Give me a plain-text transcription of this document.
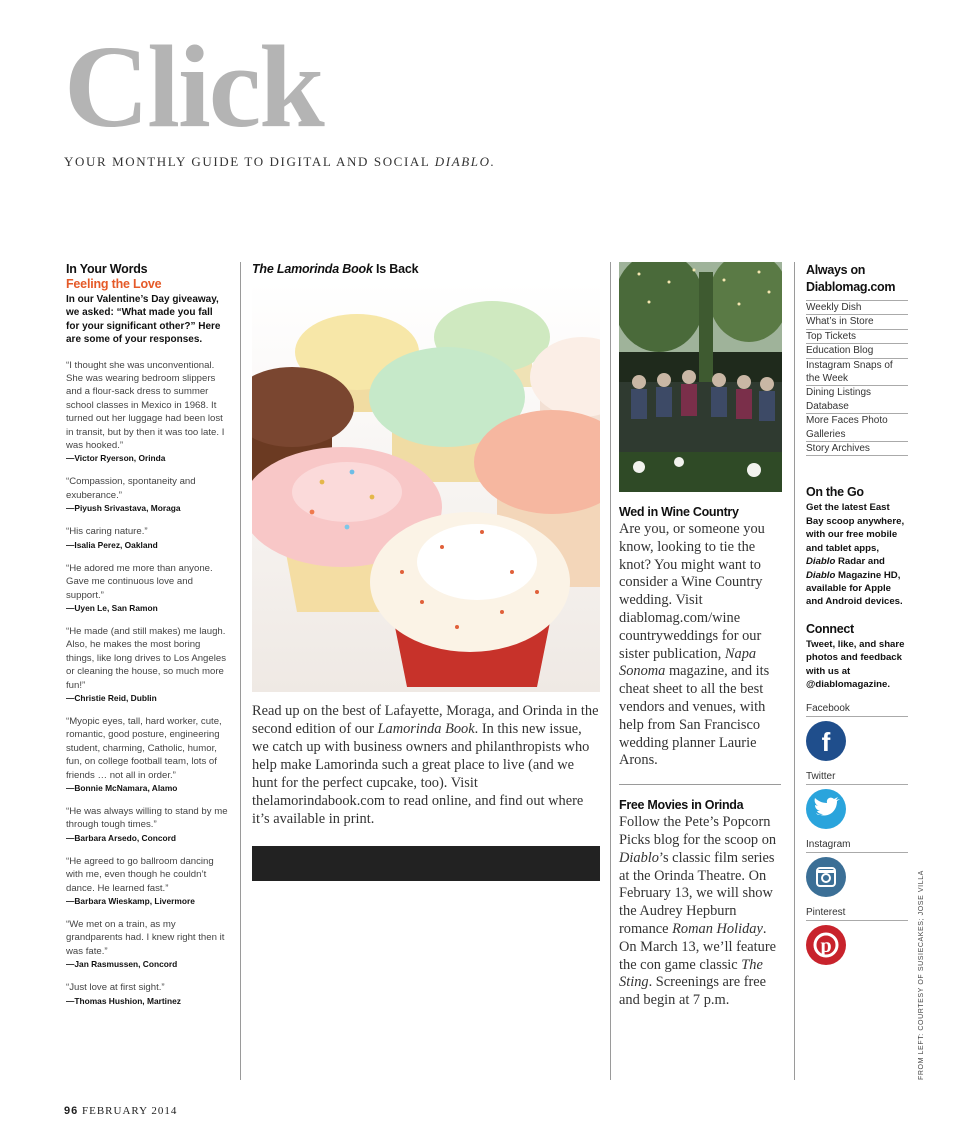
Click
YOUR MONTHLY GUIDE TO DIGITAL AND SOCIAL DIABLO.

In Your Words

Feeling the Love

In our Valentine’s Day giveaway, we asked: “What made you fall for your significant other?” Here are some of your responses.

“I thought she was unconventional. She was wearing bedroom slippers and a flour-sack dress to summer school classes in Mexico in 1968. It turned out her luggage had been lost in transit, but by then it was too late. I was hooked.”

—Victor Ryerson, Orinda

“Compassion, spontaneity and exuberance.”

—Piyush Srivastava, Moraga

“His caring nature.”

—Isalia Perez, Oakland

“He adored me more than anyone. Gave me continuous love and support.”

—Uyen Le, San Ramon

“He made (and still makes) me laugh. Also, he makes the most boring things, like long drives to Los Angeles or cleaning the house, so much more fun!”

—Christie Reid, Dublin

“Myopic eyes, tall, hard worker, cute, romantic, good posture, engineering student, charming, Catholic, humor, fun, on college football team, lots of friends … not all in order.”

—Bonnie McNamara, Alamo

“He was always willing to stand by me through tough times.”

—Barbara Arsedo, Concord

“He agreed to go ballroom dancing with me, even though he couldn’t dance. He learned fast.”

—Barbara Wieskamp, Livermore

“We met on a train, as my grandparents had. I knew right then it was fate.”

—Jan Rasmussen, Concord

“Just love at first sight.”

—Thomas Hushion, Martinez

The Lamorinda Book Is Back

Read up on the best of Lafayette, Moraga, and Orinda in the second edition of our Lamorinda Book. In this new issue, we catch up with business owners and philanthropists who help make Lamorinda such a great place to live (and we hunt for the perfect cupcake, too). Visit thelamorindabook.com to read online, and find out where it’s available in print.

Wed in Wine Country

Are you, or someone you know, looking to tie the knot? You might want to consider a Wine Country wedding. Visit diablomag.com/wine countryweddings for our sister publication, Napa Sonoma magazine, and its cheat sheet to all the best vendors and venues, with help from San Francisco wedding planner Laurie Arons.

Free Movies in Orinda

Follow the Pete’s Popcorn Picks blog for the scoop on Diablo’s classic film series at the Orinda Theatre. On February 13, we will show the Audrey Hepburn romance Roman Holiday. On March 13, we’ll feature the con game classic The Sting. Screenings are free and begin at 7 p.m.

Always on Diablomag.com

Weekly Dish
What’s in Store
Top Tickets
Education Blog
Instagram Snaps of the Week
Dining Listings Database
More Faces Photo Galleries
Story Archives

On the Go

Get the latest East Bay scoop anywhere, with our free mobile and tablet apps, Diablo Radar and Diablo Magazine HD, available for Apple and Android devices.

Connect

Tweet, like, and share photos and feedback with us at @diablomagazine.

Facebook

f

Twitter

Instagram

Pinterest

p	FROM LEFT: COURTESY OF SUSIECAKES; JOSE VILLA
96 FEBRUARY 2014
